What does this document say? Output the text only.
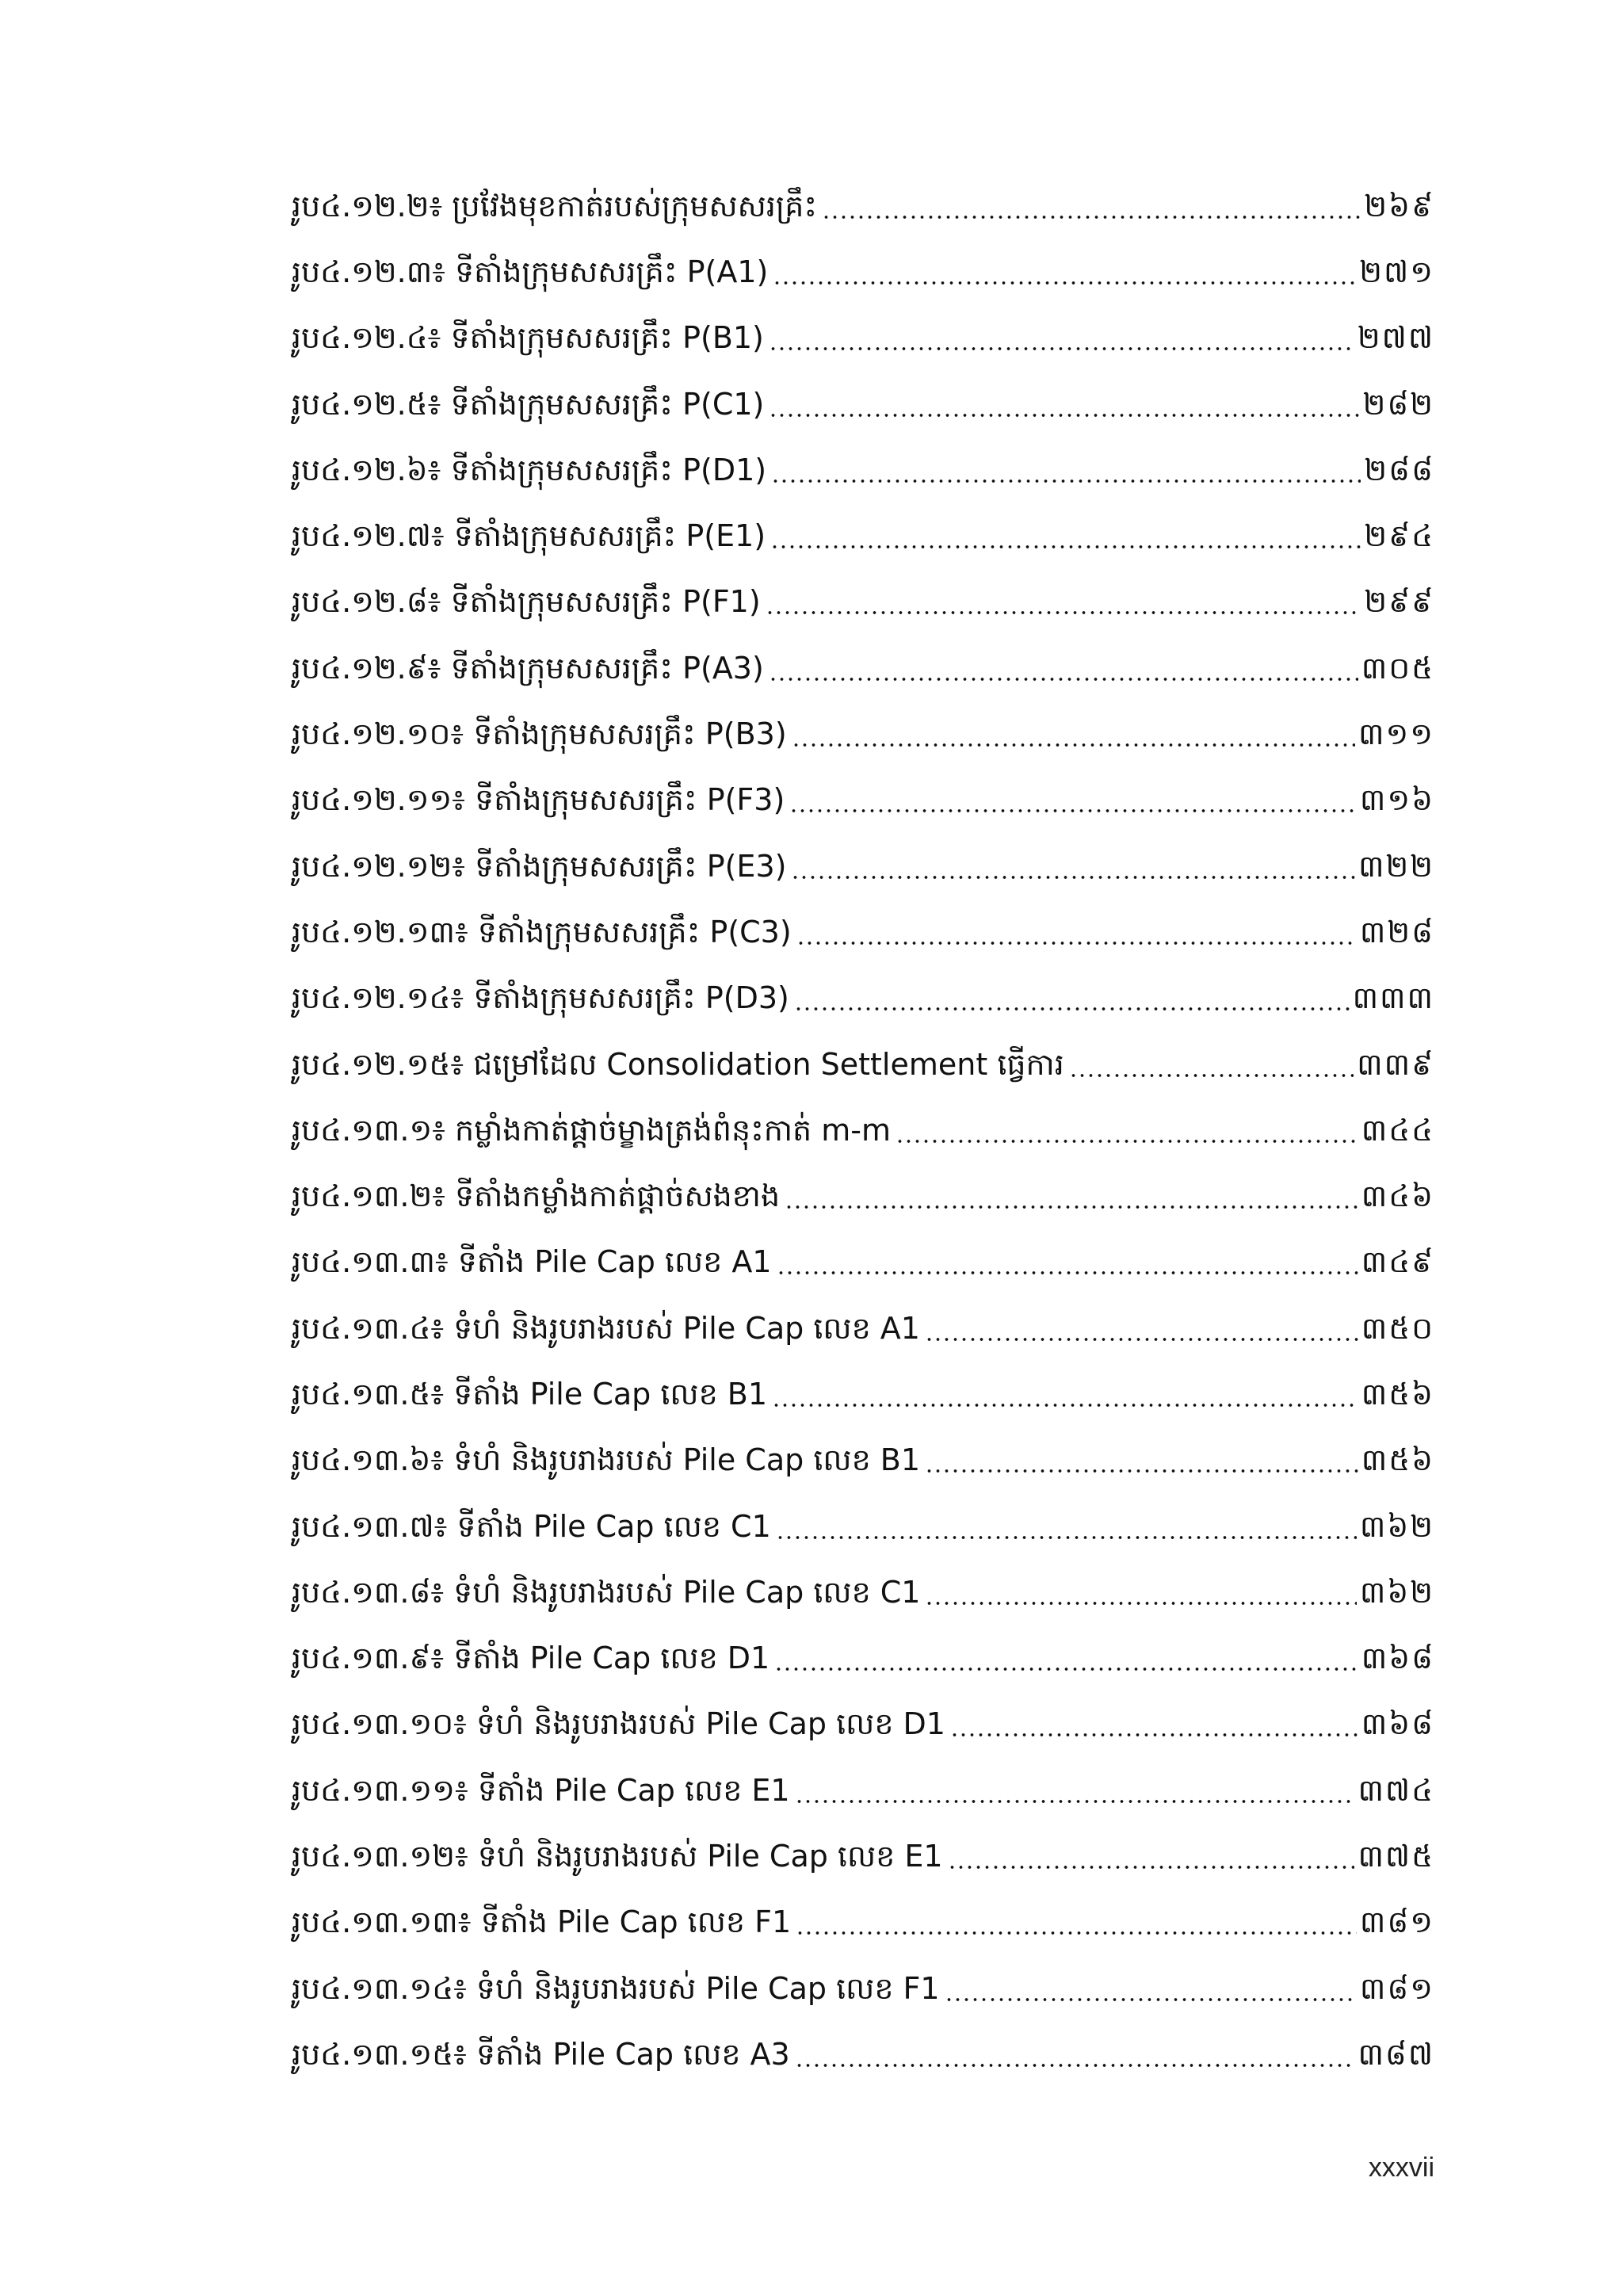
រូប៤.១២.២៖ ប្រវែងមុខកាត់របស់ក្រុមសសរគ្រឹះ	២៦៩
រូប៤.១២.៣៖ ទីតាំងក្រុមសសរគ្រឹះ P(A1)	២៧១
រូប៤.១២.៤៖ ទីតាំងក្រុមសសរគ្រឹះ P(B1)	២៧៧
រូប៤.១២.៥៖ ទីតាំងក្រុមសសរគ្រឹះ P(C1)	២៨២
រូប៤.១២.៦៖ ទីតាំងក្រុមសសរគ្រឹះ P(D1)	២៨៨
រូប៤.១២.៧៖ ទីតាំងក្រុមសសរគ្រឹះ P(E1)	២៩៤
រូប៤.១២.៨៖ ទីតាំងក្រុមសសរគ្រឹះ P(F1)	២៩៩
រូប៤.១២.៩៖ ទីតាំងក្រុមសសរគ្រឹះ P(A3)	៣០៥
រូប៤.១២.១០៖ ទីតាំងក្រុមសសរគ្រឹះ P(B3)	៣១១
រូប៤.១២.១១៖ ទីតាំងក្រុមសសរគ្រឹះ P(F3)	៣១៦
រូប៤.១២.១២៖ ទីតាំងក្រុមសសរគ្រឹះ P(E3)	៣២២
រូប៤.១២.១៣៖ ទីតាំងក្រុមសសរគ្រឹះ P(C3)	៣២៨
រូប៤.១២.១៤៖ ទីតាំងក្រុមសសរគ្រឹះ P(D3)	៣៣៣
រូប៤.១២.១៥៖ ជម្រៅដែល Consolidation Settlement ធ្វើការ	៣៣៩
រូប៤.១៣.១៖ កម្លាំងកាត់ផ្តាច់ម្ខាងត្រង់ពំនុះកាត់ m-m	៣៤៤
រូប៤.១៣.២៖ ទីតាំងកម្លាំងកាត់ផ្តាច់សងខាង	៣៤៦
រូប៤.១៣.៣៖ ទីតាំង Pile Cap លេខ A1	៣៤៩
រូប៤.១៣.៤៖ ទំហំ និងរូបរាងរបស់ Pile Cap លេខ A1	៣៥០
រូប៤.១៣.៥៖ ទីតាំង Pile Cap លេខ B1	៣៥៦
រូប៤.១៣.៦៖ ទំហំ និងរូបរាងរបស់ Pile Cap លេខ B1	៣៥៦
រូប៤.១៣.៧៖ ទីតាំង Pile Cap លេខ C1	៣៦២
រូប៤.១៣.៨៖ ទំហំ និងរូបរាងរបស់ Pile Cap លេខ C1	៣៦២
រូប៤.១៣.៩៖ ទីតាំង Pile Cap លេខ D1	៣៦៨
រូប៤.១៣.១០៖ ទំហំ និងរូបរាងរបស់ Pile Cap លេខ D1	៣៦៨
រូប៤.១៣.១១៖ ទីតាំង Pile Cap លេខ E1	៣៧៤
រូប៤.១៣.១២៖ ទំហំ និងរូបរាងរបស់ Pile Cap លេខ E1	៣៧៥
រូប៤.១៣.១៣៖ ទីតាំង Pile Cap លេខ F1	៣៨១
រូប៤.១៣.១៤៖ ទំហំ និងរូបរាងរបស់ Pile Cap លេខ F1	៣៨១
រូប៤.១៣.១៥៖ ទីតាំង Pile Cap លេខ A3	៣៨៧
xxxvii
